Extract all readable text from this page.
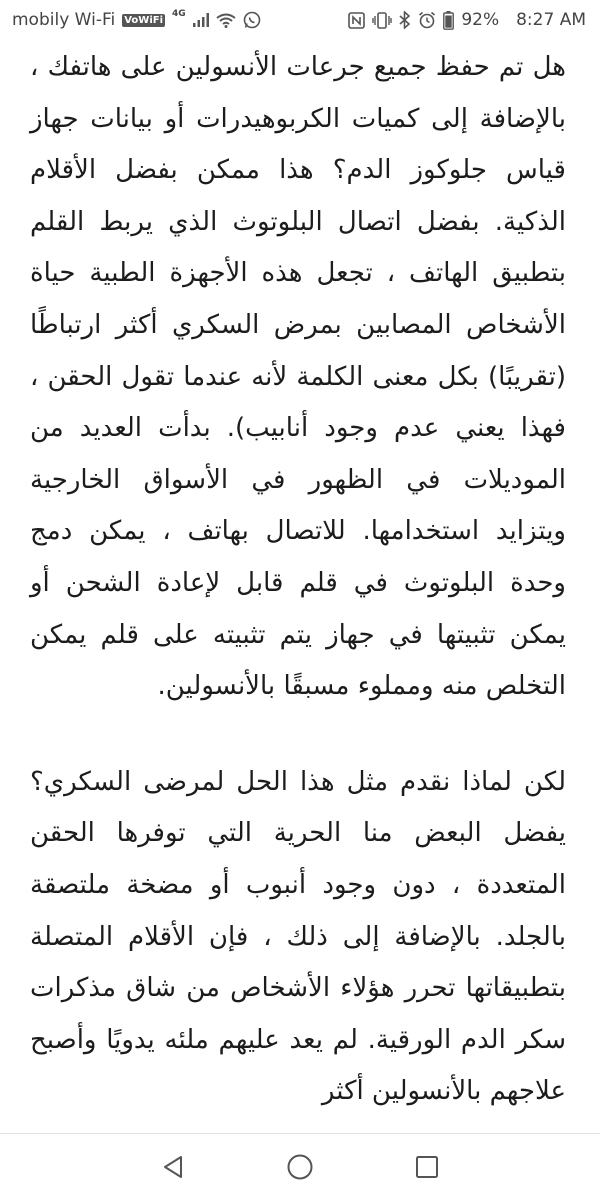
mobily Wi-Fi VoWiFi
4G	92% 8:27 AM

هل تم حفظ جميع جرعات الأنسولين على هاتفك ، بالإضافة إلى كميات الكربوهيدرات أو بيانات جهاز قياس جلوكوز الدم؟ هذا ممكن بفضل الأقلام الذكية. بفضل اتصال البلوتوث الذي يربط القلم بتطبيق الهاتف ، تجعل هذه الأجهزة الطبية حياة الأشخاص المصابين بمرض السكري أكثر ارتباطًا (تقريبًا) بكل معنى الكلمة لأنه عندما تقول الحقن ، فهذا يعني عدم وجود أنابيب). بدأت العديد من الموديلات في الظهور في الأسواق الخارجية ويتزايد استخدامها. للاتصال بهاتف ، يمكن دمج وحدة البلوتوث في قلم قابل لإعادة الشحن أو يمكن تثبيتها في جهاز يتم تثبيته على قلم يمكن التخلص منه ومملوء مسبقًا بالأنسولين.

لكن لماذا نقدم مثل هذا الحل لمرضى السكري؟ يفضل البعض منا الحرية التي توفرها الحقن المتعددة ، دون وجود أنبوب أو مضخة ملتصقة بالجلد. بالإضافة إلى ذلك ، فإن الأقلام المتصلة بتطبيقاتها تحرر هؤلاء الأشخاص من شاق مذكرات سكر الدم الورقية. لم يعد عليهم ملئه يدويًا وأصبح علاجهم بالأنسولين أكثر
